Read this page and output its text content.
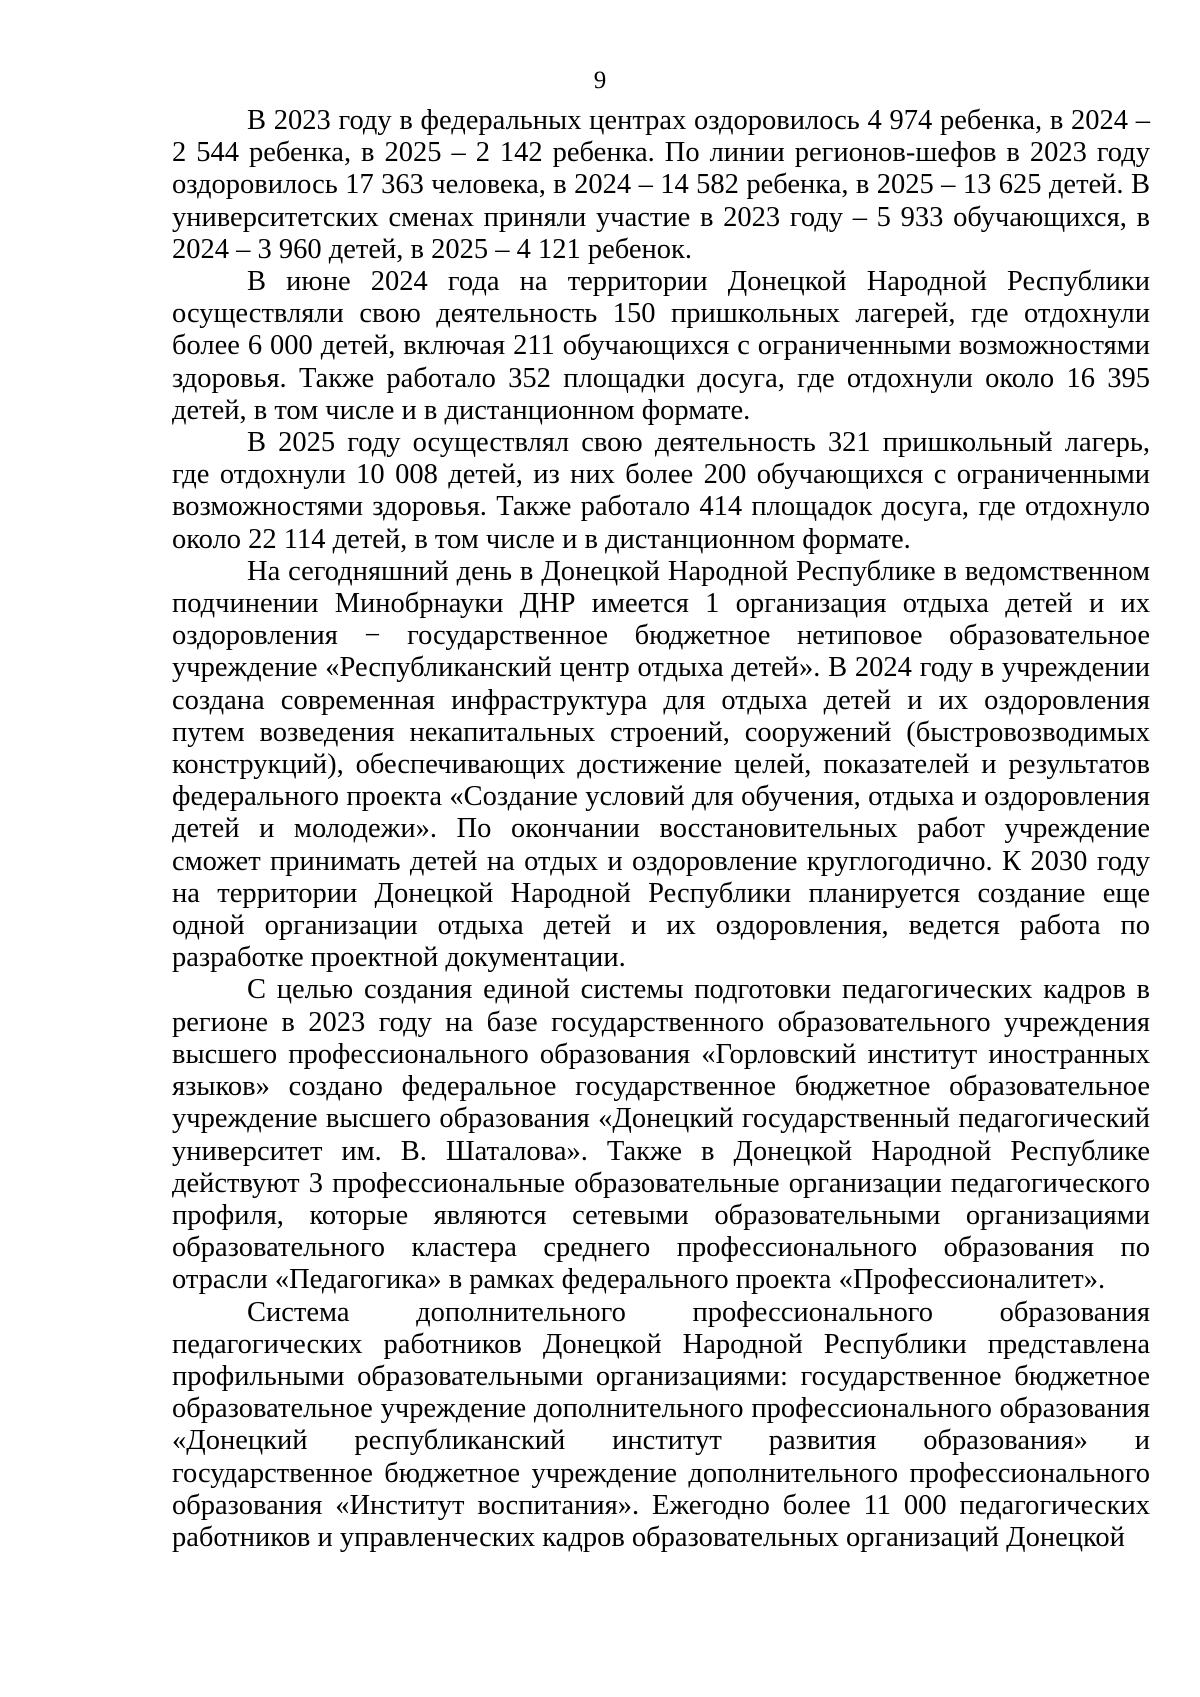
9

В 2023 году в федеральных центрах оздоровилось 4 974 ребенка, в 2024 – 2 544 ребенка, в 2025 – 2 142 ребенка. По линии регионов-шефов в 2023 году оздоровилось 17 363 человека, в 2024 – 14 582 ребенка, в 2025 – 13 625 детей. В университетских сменах приняли участие в 2023 году – 5 933 обучающихся, в 2024 – 3 960 детей, в 2025 – 4 121 ребенок.

В июне 2024 года на территории Донецкой Народной Республики осуществляли свою деятельность 150 пришкольных лагерей, где отдохнули более 6 000 детей, включая 211 обучающихся с ограниченными возможностями здоровья. Также работало 352 площадки досуга, где отдохнули около 16 395 детей, в том числе и в дистанционном формате.

В 2025 году осуществлял свою деятельность 321 пришкольный лагерь, где отдохнули 10 008 детей, из них более 200 обучающихся с ограниченными возможностями здоровья. Также работало 414 площадок досуга, где отдохнуло около 22 114 детей, в том числе и в дистанционном формате.

На сегодняшний день в Донецкой Народной Республике в ведомственном подчинении Минобрнауки ДНР имеется 1 организация отдыха детей и их оздоровления − государственное бюджетное нетиповое образовательное учреждение «Республиканский центр отдыха детей». В 2024 году в учреждении создана современная инфраструктура для отдыха детей и их оздоровления путем возведения некапитальных строений, сооружений (быстровозводимых конструкций), обеспечивающих достижение целей, показателей и результатов федерального проекта «Создание условий для обучения, отдыха и оздоровления детей и молодежи». По окончании восстановительных работ учреждение сможет принимать детей на отдых и оздоровление круглогодично. К 2030 году на территории Донецкой Народной Республики планируется создание еще одной организации отдыха детей и их оздоровления, ведется работа по разработке проектной документации.

С целью создания единой системы подготовки педагогических кадров в регионе в 2023 году на базе государственного образовательного учреждения высшего профессионального образования «Горловский институт иностранных языков» создано федеральное государственное бюджетное образовательное учреждение высшего образования «Донецкий государственный педагогический университет им. В. Шаталова». Также в Донецкой Народной Республике действуют 3 профессиональные образовательные организации педагогического профиля, которые являются сетевыми образовательными организациями образовательного кластера среднего профессионального образования по отрасли «Педагогика» в рамках федерального проекта «Профессионалитет».

Система дополнительного профессионального образования педагогических работников Донецкой Народной Республики представлена профильными образовательными организациями: государственное бюджетное образовательное учреждение дополнительного профессионального образования «Донецкий республиканский институт развития образования» и государственное бюджетное учреждение дополнительного профессионального образования «Институт воспитания». Ежегодно более 11 000 педагогических работников и управленческих кадров образовательных организаций Донецкой
